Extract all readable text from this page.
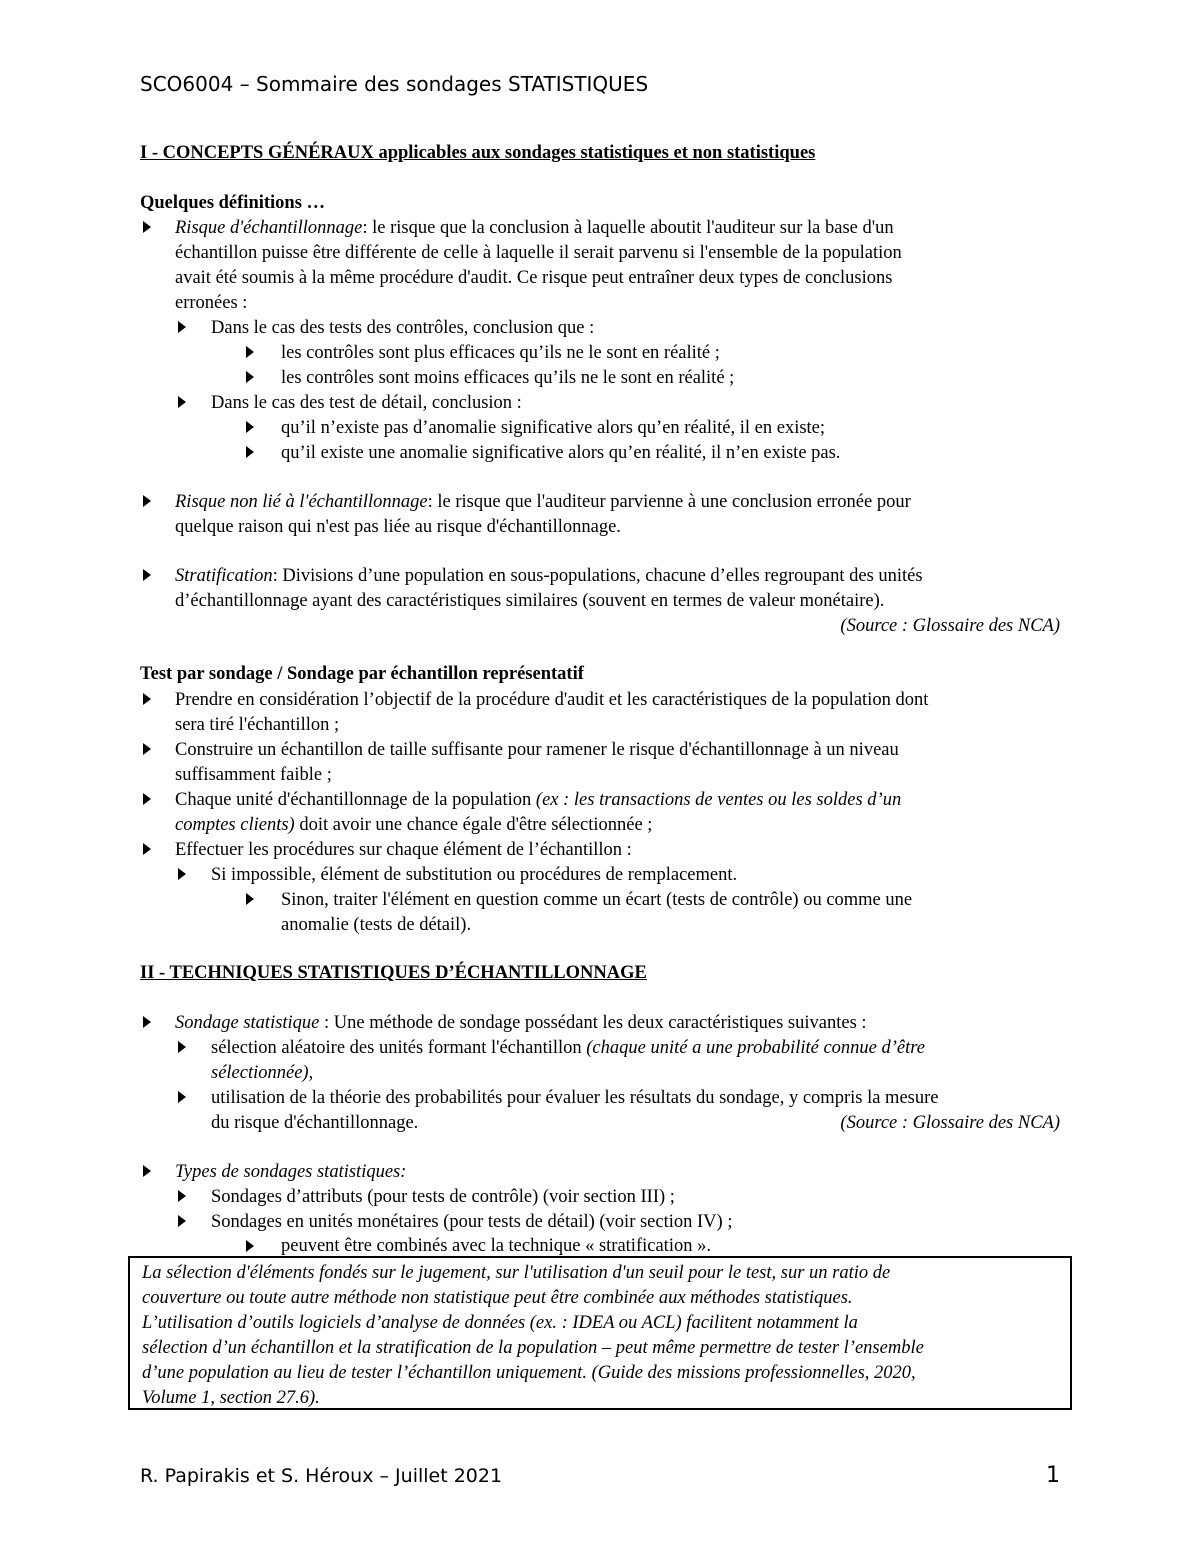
SCO6004 – Sommaire des sondages STATISTIQUES
I - CONCEPTS GÉNÉRAUX applicables aux sondages statistiques et non statistiques
Quelques définitions …
Risque d'échantillonnage: le risque que la conclusion à laquelle aboutit l'auditeur sur la base d'un
échantillon puisse être différente de celle à laquelle il serait parvenu si l'ensemble de la population
avait été soumis à la même procédure d'audit. Ce risque peut entraîner deux types de conclusions
erronées :
Dans le cas des tests des contrôles, conclusion que :
les contrôles sont plus efficaces qu’ils ne le sont en réalité ;
les contrôles sont moins efficaces qu’ils ne le sont en réalité ;
Dans le cas des test de détail, conclusion :
qu’il n’existe pas d’anomalie significative alors qu’en réalité, il en existe;
qu’il existe une anomalie significative alors qu’en réalité, il n’en existe pas.
Risque non lié à l'échantillonnage: le risque que l'auditeur parvienne à une conclusion erronée pour
quelque raison qui n'est pas liée au risque d'échantillonnage.
Stratification: Divisions d’une population en sous-populations, chacune d’elles regroupant des unités
d’échantillonnage ayant des caractéristiques similaires (souvent en termes de valeur monétaire).
(Source : Glossaire des NCA)
Test par sondage / Sondage par échantillon représentatif
Prendre en considération l’objectif de la procédure d'audit et les caractéristiques de la population dont
sera tiré l'échantillon ;
Construire un échantillon de taille suffisante pour ramener le risque d'échantillonnage à un niveau
suffisamment faible ;
Chaque unité d'échantillonnage de la population (ex : les transactions de ventes ou les soldes d’un
comptes clients) doit avoir une chance égale d'être sélectionnée ;
Effectuer les procédures sur chaque élément de l’échantillon :
Si impossible, élément de substitution ou procédures de remplacement.
Sinon, traiter l'élément en question comme un écart (tests de contrôle) ou comme une
anomalie (tests de détail).
II - TECHNIQUES STATISTIQUES D’ÉCHANTILLONNAGE
Sondage statistique : Une méthode de sondage possédant les deux caractéristiques suivantes :
sélection aléatoire des unités formant l'échantillon (chaque unité a une probabilité connue d’être
sélectionnée),
utilisation de la théorie des probabilités pour évaluer les résultats du sondage, y compris la mesure
du risque d'échantillonnage.	(Source : Glossaire des NCA)
Types de sondages statistiques:
Sondages d’attributs (pour tests de contrôle) (voir section III) ;
Sondages en unités monétaires (pour tests de détail) (voir section IV) ;
peuvent être combinés avec la technique « stratification ».
La sélection d'éléments fondés sur le jugement, sur l'utilisation d'un seuil pour le test, sur un ratio de
couverture ou toute autre méthode non statistique peut être combinée aux méthodes statistiques.
L’utilisation d’outils logiciels d’analyse de données (ex. : IDEA ou ACL) facilitent notamment la
sélection d’un échantillon et la stratification de la population – peut même permettre de tester l’ensemble
d’une population au lieu de tester l’échantillon uniquement. (Guide des missions professionnelles, 2020,
Volume 1, section 27.6).
R. Papirakis et S. Héroux – Juillet 2021	1
